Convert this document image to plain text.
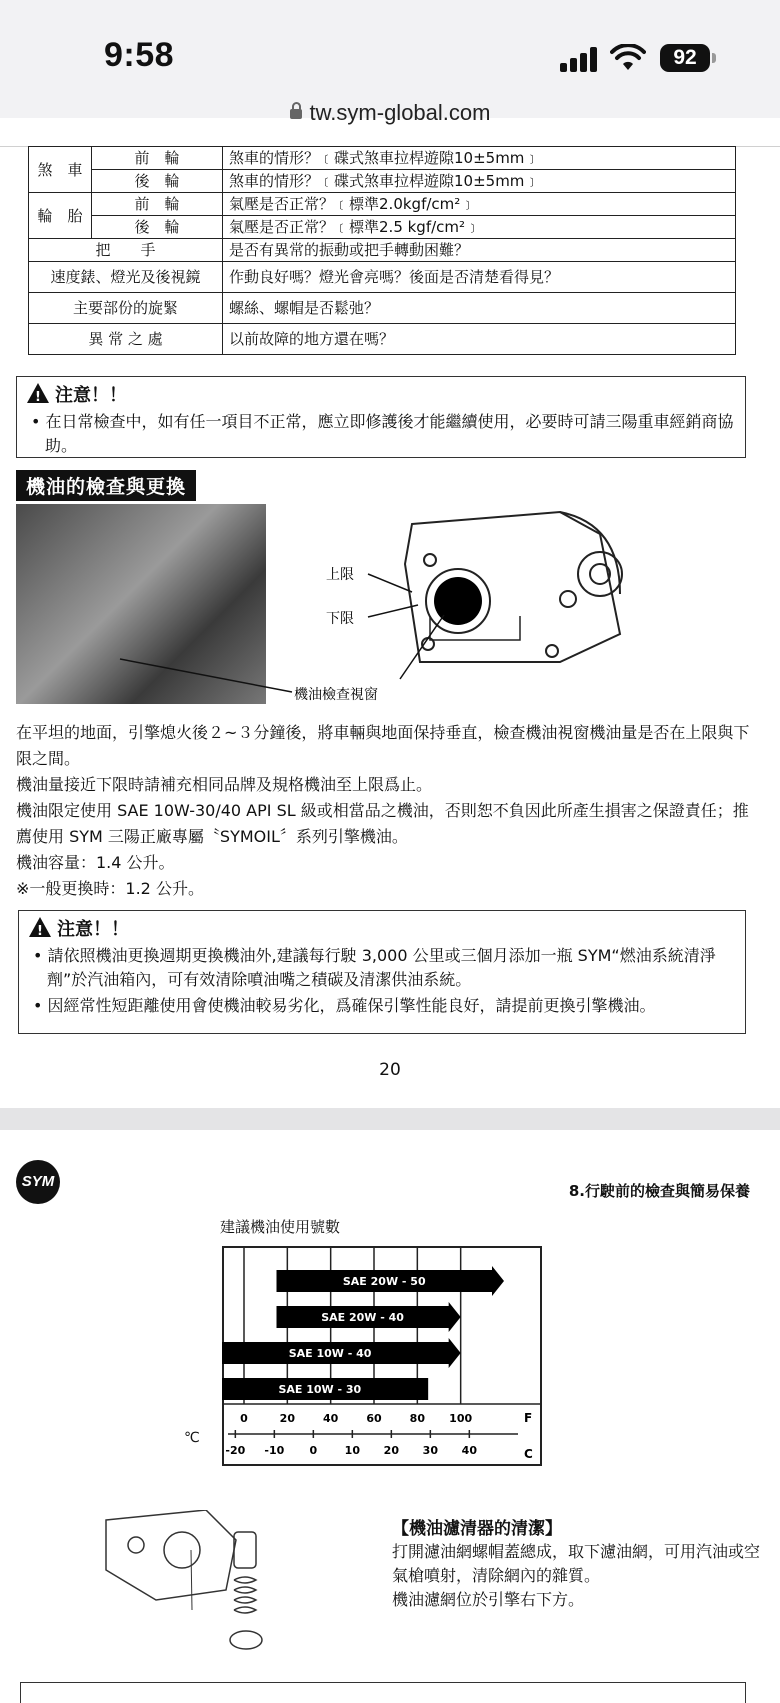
9:58	92
tw.sym-global.com
煞　車	前　輪	煞車的情形？﹝碟式煞車拉桿遊隙10±5mm﹞
	後　輪	煞車的情形？﹝碟式煞車拉桿遊隙10±5mm﹞
輪　胎	前　輪	氣壓是否正常？﹝標準2.0kgf/cm²﹞
	後　輪	氣壓是否正常？﹝標準2.5 kgf/cm²﹞
把　　手		是否有異常的振動或把手轉動困難？
速度錶、燈光及後視鏡		作動良好嗎？燈光會亮嗎？後面是否清楚看得見？
主要部份的旋緊		螺絲、螺帽是否鬆弛？
異 常 之 處		以前故障的地方還在嗎？
!注意！！
• 在日常檢查中，如有任一項目不正常，應立即修護後才能繼續使用，必要時可請三陽重車經銷商協助。
機油的檢查與更換
上限
下限
機油檢查視窗
在平坦的地面，引擎熄火後２~３分鐘後，將車輛與地面保持垂直，檢查機油視窗機油量是否在上限與下限之間。
機油量接近下限時請補充相同品牌及規格機油至上限爲止。
機油限定使用 SAE 10W-30/40 API SL 級或相當品之機油，否則恕不負因此所產生損害之保證責任；推薦使用 SYM 三陽正廠專屬〝SYMOIL〞系列引擎機油。
機油容量：1.4 公升。
※一般更換時：1.2 公升。
!注意！！
• 請依照機油更換週期更換機油外,建議每行駛 3,000 公里或三個月添加一瓶 SYM“燃油系統清淨劑”於汽油箱內，可有效清除噴油嘴之積碳及清潔供油系統。
• 因經常性短距離使用會使機油較易劣化，爲確保引擎性能良好，請提前更換引擎機油。
20
SYM
8.行駛前的檢查與簡易保養
建議機油使用號數
℃
SAE 20W - 50
SAE 20W - 40
SAE 10W - 40
SAE 10W - 30
0	20	40	60	80 100
-20 -10 0	10 20 30 40
F
C
【機油濾清器的清潔】
打開濾油網螺帽蓋總成，取下濾油網，可用汽油或空氣槍噴射，清除網內的雜質。
機油濾網位於引擎右下方。
